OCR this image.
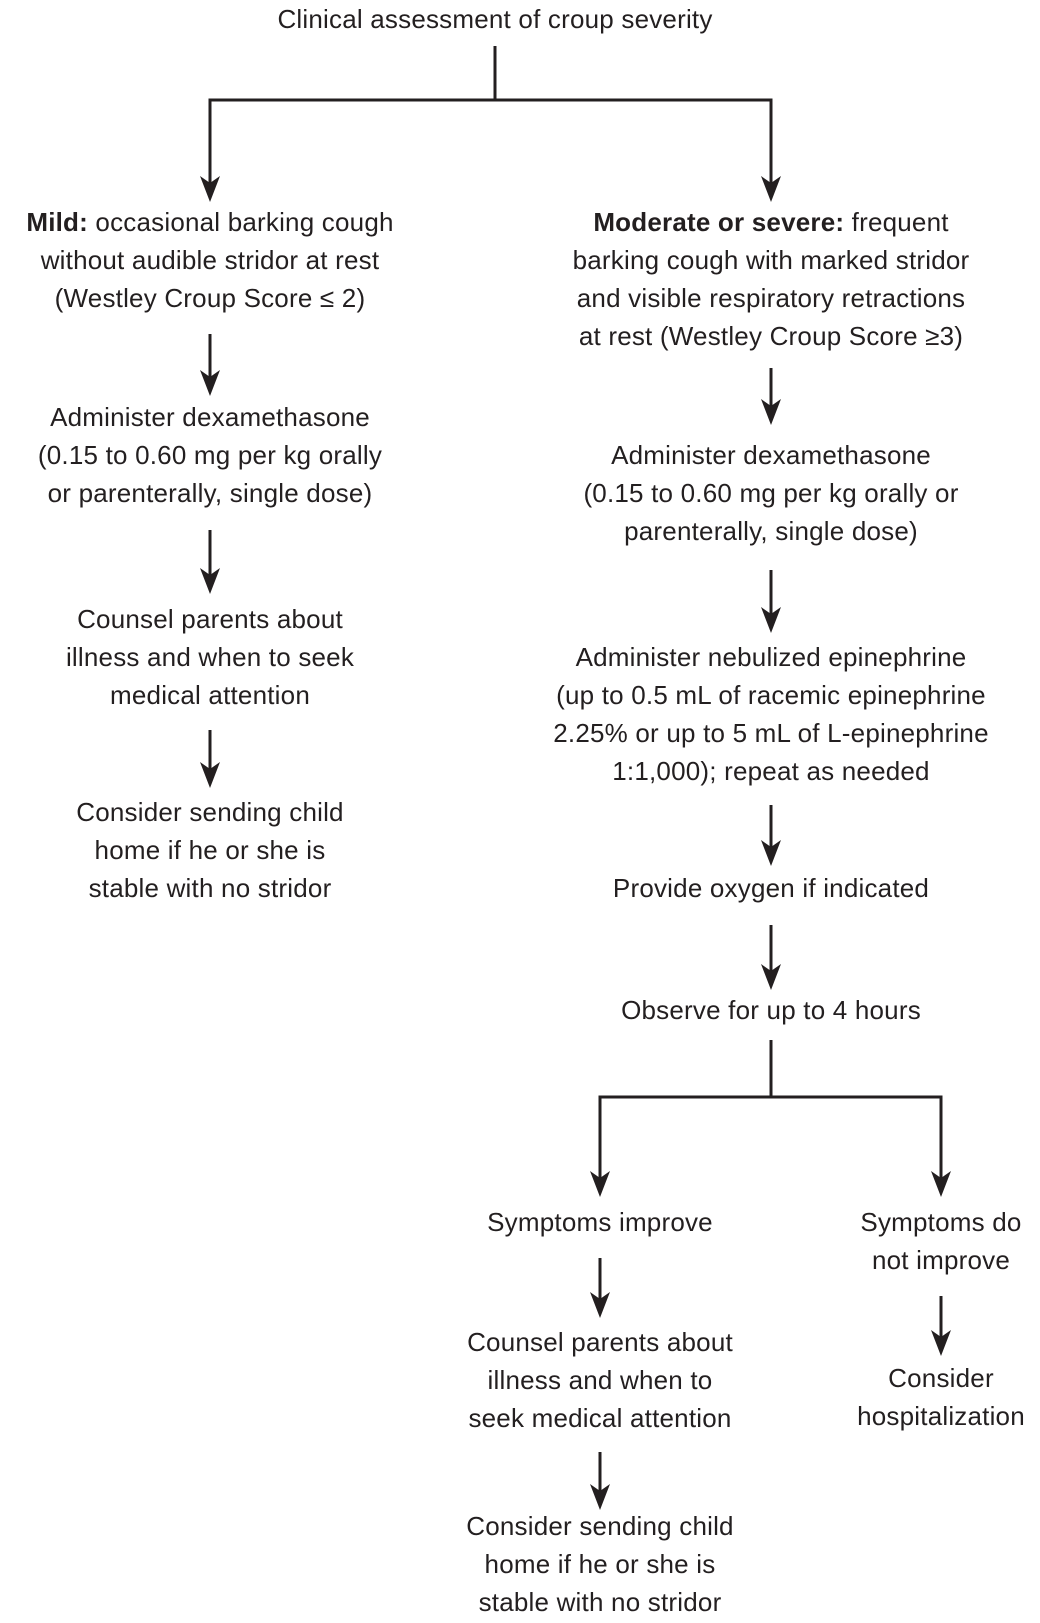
Clinical assessment of croup severity
Mild: occasional barking cough
without audible stridor at rest
(Westley Croup Score ≤ 2)
Administer dexamethasone
(0.15 to 0.60 mg per kg orally
or parenterally, single dose)
Counsel parents about
illness and when to seek
medical attention
Consider sending child
home if he or she is
stable with no stridor
Moderate or severe: frequent
barking cough with marked stridor
and visible respiratory retractions
at rest (Westley Croup Score ≥3)
Administer dexamethasone
(0.15 to 0.60 mg per kg orally or
parenterally, single dose)
Administer nebulized epinephrine
(up to 0.5 mL of racemic epinephrine
2.25% or up to 5 mL of L-epinephrine
1:1,000); repeat as needed
Provide oxygen if indicated
Observe for up to 4 hours
Symptoms improve	Symptoms do
not improve
Counsel parents about
illness and when to
seek medical attention
Consider
hospitalization
Consider sending child
home if he or she is
stable with no stridor
